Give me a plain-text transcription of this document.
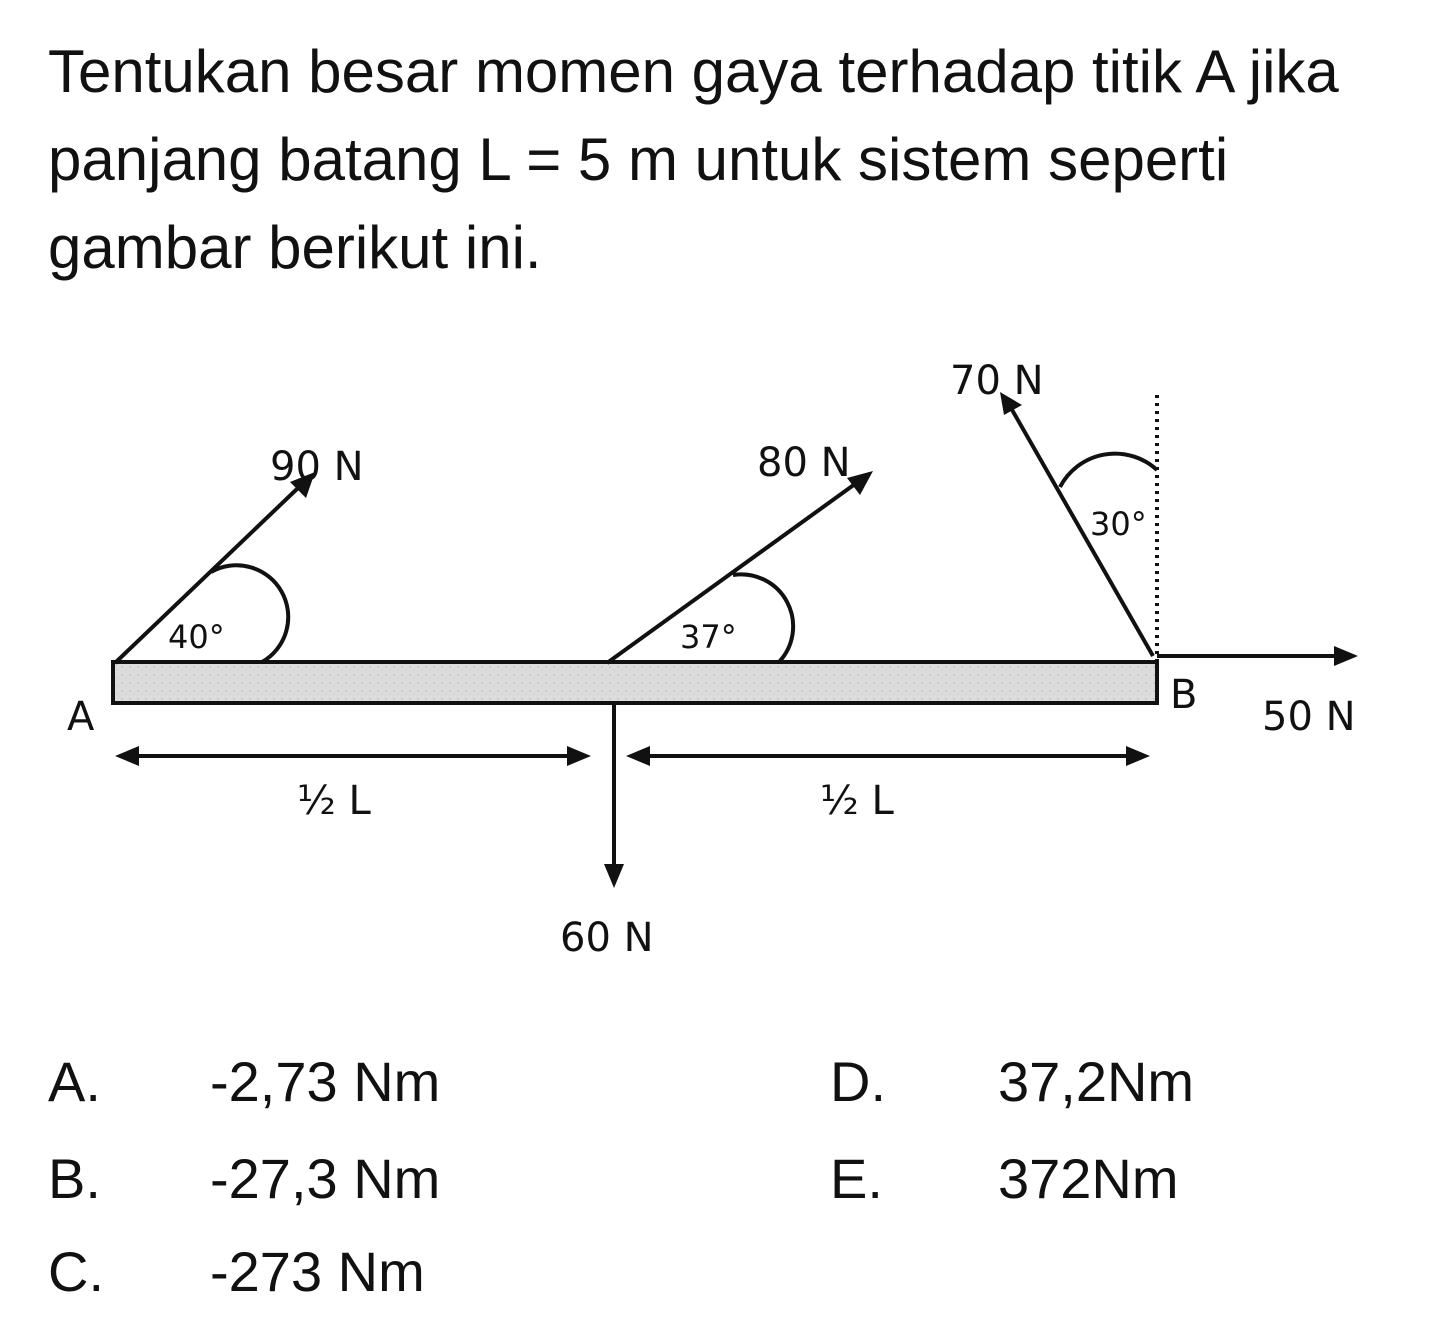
Tentukan besar momen gaya terhadap titik A jika panjang batang L = 5 m untuk sistem seperti gambar berikut ini.

A	B
90 N	80 N
70 N
50 N
60 N
40°	37°
30°
½ L	½ L
A. -2,73 Nm
B. -27,3 Nm
C. -273 Nm
D. 37,2Nm
E. 372Nm
